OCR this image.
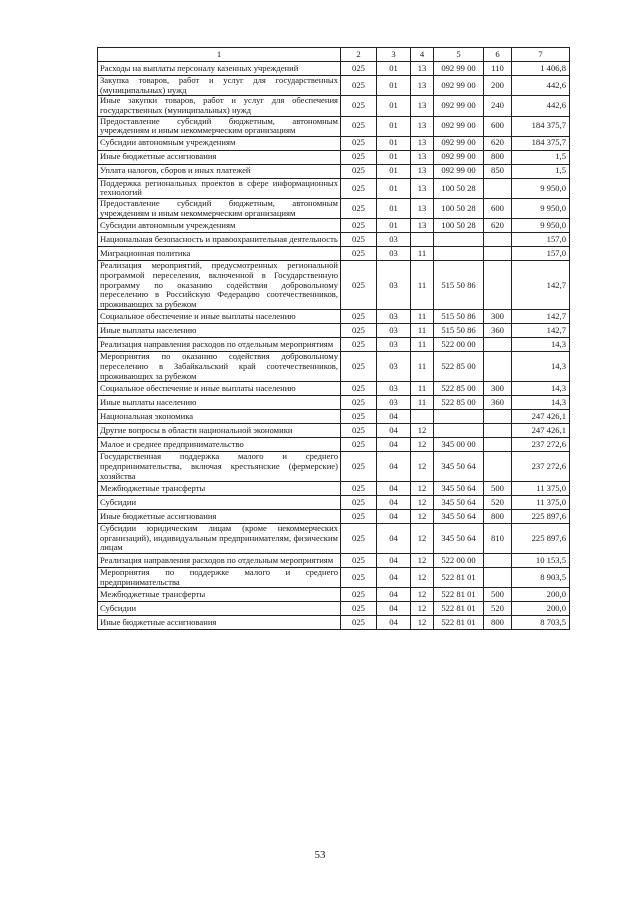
1	2	3	4	5	6	7
Расходы на выплаты персоналу казенных учреждений	025	01	13	092 99 00	110	1 406,8
Закупка товаров, работ и услуг для государственных (муниципальных) нужд	025	01	13	092 99 00	200	442,6
Иные закупки товаров, работ и услуг для обеспечения государственных (муниципальных) нужд	025	01	13	092 99 00	240	442,6
Предоставление субсидий бюджетным, автономным учреждениям и иным некоммерческим организациям	025	01	13	092 99 00	600	184 375,7
Субсидии автономным учреждениям	025	01	13	092 99 00	620	184 375,7
Иные бюджетные ассигнования	025	01	13	092 99 00	800	1,5
Уплата налогов, сборов и иных платежей	025	01	13	092 99 00	850	1,5
Поддержка региональных проектов в сфере информационных технологий	025	01	13	100 50 28		9 950,0
Предоставление субсидий бюджетным, автономным учреждениям и иным некоммерческим организациям	025	01	13	100 50 28	600	9 950,0
Субсидии автономным учреждениям	025	01	13	100 50 28	620	9 950,0
Национальная безопасность и правоохранительная деятельность	025	03				157,0
Миграционная политика	025	03	11			157,0
Реализация мероприятий, предусмотренных региональной программой переселения, включенной в Государственную программу по оказанию содействия добровольному переселению в Российскую Федерацию соотечественников, проживающих за рубежом	025	03	11	515 50 86		142,7
Социальное обеспечение и иные выплаты населению	025	03	11	515 50 86	300	142,7
Иные выплаты населению	025	03	11	515 50 86	360	142,7
Реализация направления расходов по отдельным мероприятиям	025	03	11	522 00 00		14,3
Мероприятия по оказанию содействия добровольному переселению в Забайкальский край соотечественников, проживающих за рубежом	025	03	11	522 85 00		14,3
Социальное обеспечение и иные выплаты населению	025	03	11	522 85 00	300	14,3
Иные выплаты населению	025	03	11	522 85 00	360	14,3
Национальная экономика	025	04				247 426,1
Другие вопросы в области национальной экономики	025	04	12			247 426,1
Малое и среднее предпринимательство	025	04	12	345 00 00		237 272,6
Государственная поддержка малого и среднего предпринимательства, включая крестьянские (фермерские) хозяйства	025	04	12	345 50 64		237 272,6
Межбюджетные трансферты	025	04	12	345 50 64	500	11 375,0
Субсидии	025	04	12	345 50 64	520	11 375,0
Иные бюджетные ассигнования	025	04	12	345 50 64	800	225 897,6
Субсидии юридическим лицам (кроме некоммерческих организаций), индивидуальным предпринимателям, физическим лицам	025	04	12	345 50 64	810	225 897,6
Реализация направления расходов по отдельным мероприятиям	025	04	12	522 00 00		10 153,5
Мероприятия по поддержке малого и среднего предпринимательства	025	04	12	522 81 01		8 903,5
Межбюджетные трансферты	025	04	12	522 81 01	500	200,0
Субсидии	025	04	12	522 81 01	520	200,0
Иные бюджетные ассигнования	025	04	12	522 81 01	800	8 703,5
53
